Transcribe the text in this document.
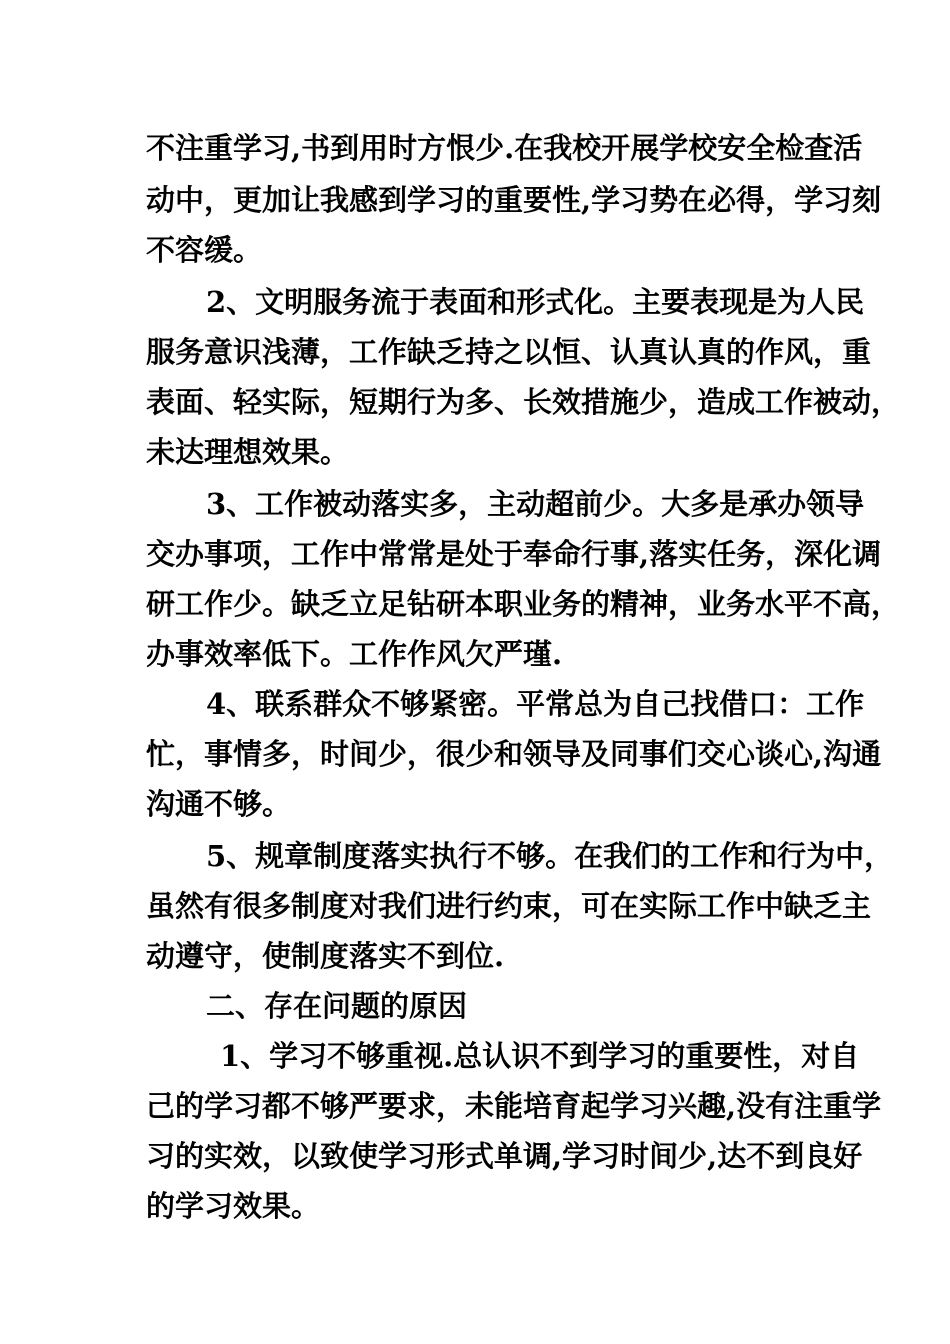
不注重学习,书到用时方恨少.在我校开展学校安全检查活
动中，更加让我感到学习的重要性,学习势在必得，学习刻
不容缓。
2、文明服务流于表面和形式化。主要表现是为人民
服务意识浅薄，工作缺乏持之以恒、认真认真的作风，重
表面、轻实际，短期行为多、长效措施少，造成工作被动，
未达理想效果。
3、工作被动落实多，主动超前少。大多是承办领导
交办事项，工作中常常是处于奉命行事,落实任务，深化调
研工作少。缺乏立足钻研本职业务的精神，业务水平不高，
办事效率低下。工作作风欠严瑾.
4、联系群众不够紧密。平常总为自己找借口：工作
忙，事情多，时间少，很少和领导及同事们交心谈心,沟通
沟通不够。
5、规章制度落实执行不够。在我们的工作和行为中，
虽然有很多制度对我们进行约束，可在实际工作中缺乏主
动遵守，使制度落实不到位.
二、存在问题的原因
1、学习不够重视.总认识不到学习的重要性，对自
己的学习都不够严要求，未能培育起学习兴趣,没有注重学
习的实效，以致使学习形式单调,学习时间少,达不到良好
的学习效果。
